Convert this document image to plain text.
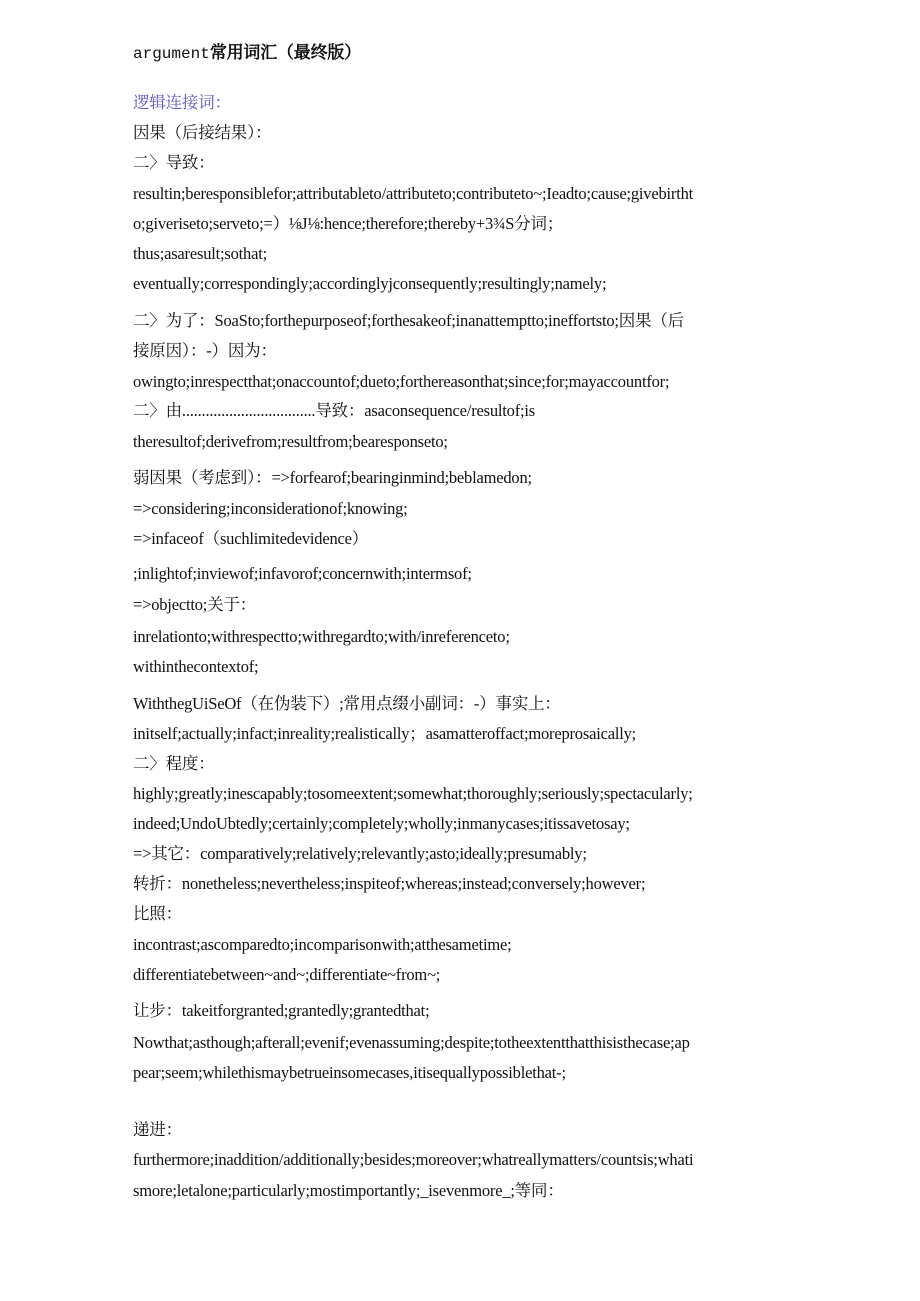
argument常用词汇（最终版）
逻辑连接词：
因果（后接结果）：
二〉导致：
resultin;beresponsiblefor;attributableto/attributeto;contributeto~;Ieadto;cause;givebirtht
o;giveriseto;serveto;=）⅛J⅛:hence;therefore;thereby+3¾S分词；
thus;asaresult;sothat;
eventually;correspondingly;accordinglyjconsequently;resultingly;namely;
二〉为了：SoaSto;forthepurposeof;forthesakeof;inanattemptto;ineffortsto;因果（后
接原因）：-）因为：
owingto;inrespectthat;onaccountof;dueto;forthereasonthat;since;for;mayaccountfor;
二〉由..................................导致：asaconsequence/resultof;is
theresultof;derivefrom;resultfrom;bearesponseto;
弱因果（考虑到）：=>forfearof;bearinginmind;beblamedon;
=>considering;inconsiderationof;knowing;
=>infaceof（suchlimitedevidence）
;inlightof;inviewof;infavorof;concernwith;intermsof;
=>objectto;关于：
inrelationto;withrespectto;withregardto;with/inreferenceto;
withinthecontextof;
WiththegUiSeOf（在伪装下）;常用点缀小副词：-）事实上：
initself;actually;infact;inreality;realistically；asamatteroffact;moreprosaically;
二〉程度：
highly;greatly;inescapably;tosomeextent;somewhat;thoroughly;seriously;spectacularly;
indeed;UndoUbtedly;certainly;completely;wholly;inmanycases;itissavetosay;
=>其它：comparatively;relatively;relevantly;asto;ideally;presumably;
转折：nonetheless;nevertheless;inspiteof;whereas;instead;conversely;however;
比照：
incontrast;ascomparedto;incomparisonwith;atthesametime;
differentiatebetween~and~;differentiate~from~;
让步：takeitforgranted;grantedly;grantedthat;
Nowthat;asthough;afterall;evenif;evenassuming;despite;totheextentthatthisisthecase;ap
pear;seem;whilethismaybetrueinsomecases,itisequallypossiblethat-;
递进：
furthermore;inaddition/additionally;besides;moreover;whatreallymatters/countsis;whati
smore;letalone;particularly;mostimportantly;_isevenmore_;等同：
